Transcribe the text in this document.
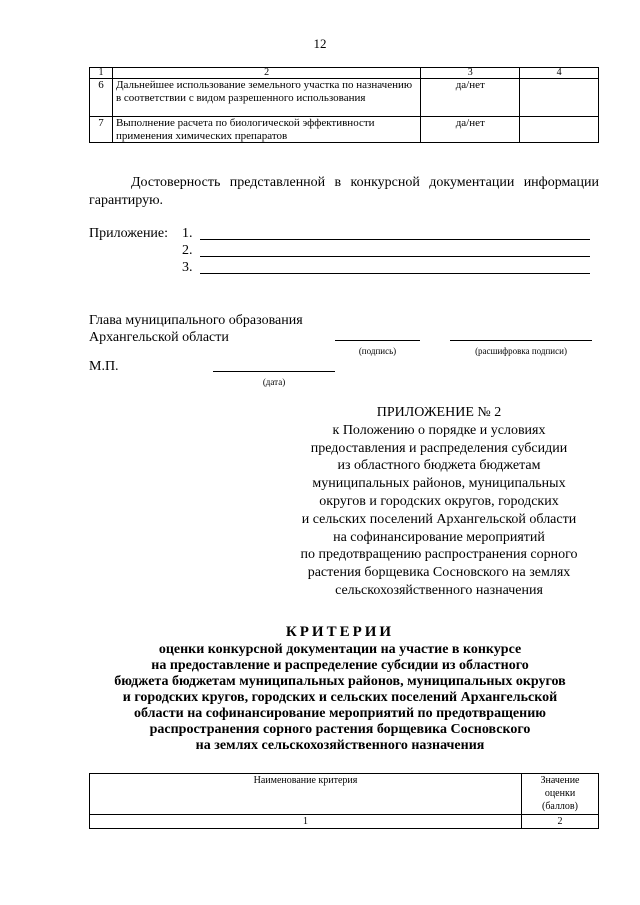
12
1	2	3	4
6	Дальнейшее использование земельного участка по назначению в соответствии с видом разрешенного использования	да/нет	
7	Выполнение расчета по биологической эффективности применения химических препаратов	да/нет	
Достоверность представленной в конкурсной документации информации гарантирую.
Приложение: 1.
2.
3.
Глава муниципального образования
Архангельской области
(подпись)	(расшифровка подписи)
М.П.
(дата)
ПРИЛОЖЕНИЕ № 2
к Положению о порядке и условиях
предоставления и распределения субсидии
из областного бюджета бюджетам
муниципальных районов, муниципальных
округов и городских округов, городских
и сельских поселений Архангельской области
на софинансирование мероприятий
по предотвращению распространения сорного
растения борщевика Сосновского на землях
сельскохозяйственного назначения
КРИТЕРИИ
оценки конкурсной документации на участие в конкурсе
на предоставление и распределение субсидии из областного
бюджета бюджетам муниципальных районов, муниципальных округов
и городских кругов, городских и сельских поселений Архангельской
области на софинансирование мероприятий по предотвращению
распространения сорного растения борщевика Сосновского
на землях сельскохозяйственного назначения
Наименование критерия	Значение
оценки
(баллов)

1	2
